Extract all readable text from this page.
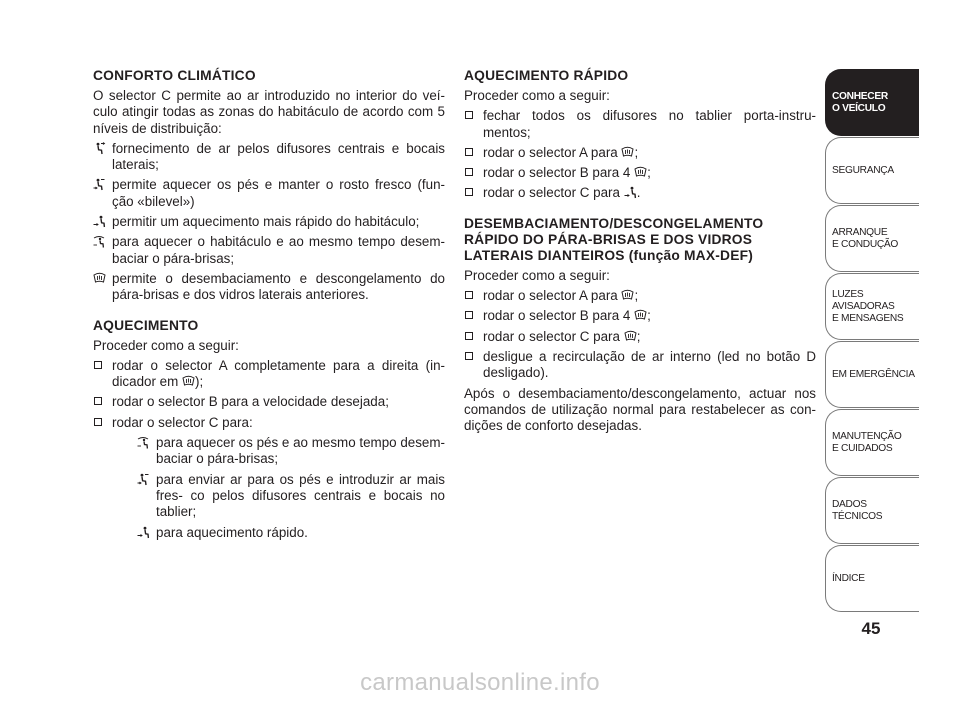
CONFORTO CLIMÁTICO

O selector C permite ao ar introduzido no interior do veí- culo atingir todas as zonas do habitáculo de acordo com 5 níveis de distribuição:

fornecimento de ar pelos difusores centrais e bocais laterais;
permite aquecer os pés e manter o rosto fresco (fun- ção «bilevel»)
permitir um aquecimento mais rápido do habitáculo;
para aquecer o habitáculo e ao mesmo tempo desem- baciar o pára-brisas;
permite o desembaciamento e descongelamento do pára-brisas e dos vidros laterais anteriores.
AQUECIMENTO

Proceder como a seguir:

rodar o selector A completamente para a direita (in- dicador em );
rodar o selector B para a velocidade desejada;
rodar o selector C para:
para aquecer os pés e ao mesmo tempo desem- baciar o pára-brisas;
para enviar ar para os pés e introduzir ar mais fres- co pelos difusores centrais e bocais no tablier;
para aquecimento rápido.
AQUECIMENTO RÁPIDO

Proceder como a seguir:

fechar todos os difusores no tablier porta-instru- mentos;
rodar o selector A para ;
rodar o selector B para 4 ;
rodar o selector C para .
DESEMBACIAMENTO/DESCONGELAMENTO RÁPIDO DO PÁRA-BRISAS E DOS VIDROS LATERAIS DIANTEIROS (função MAX-DEF)

Proceder como a seguir:

rodar o selector A para ;
rodar o selector B para 4 ;
rodar o selector C para ;
desligue a recirculação de ar interno (led no botão D desligado).

Após o desembaciamento/descongelamento, actuar nos comandos de utilização normal para restabelecer as con- dições de conforto desejadas.

CONHECER
O VEÍCULO
SEGURANÇA
ARRANQUE
E CONDUÇÃO
LUZES AVISADORAS
E MENSAGENS
EM EMERGÊNCIA
MANUTENÇÃO
E CUIDADOS
DADOS TÉCNICOS
ÍNDICE
45
carmanualsonline.info
